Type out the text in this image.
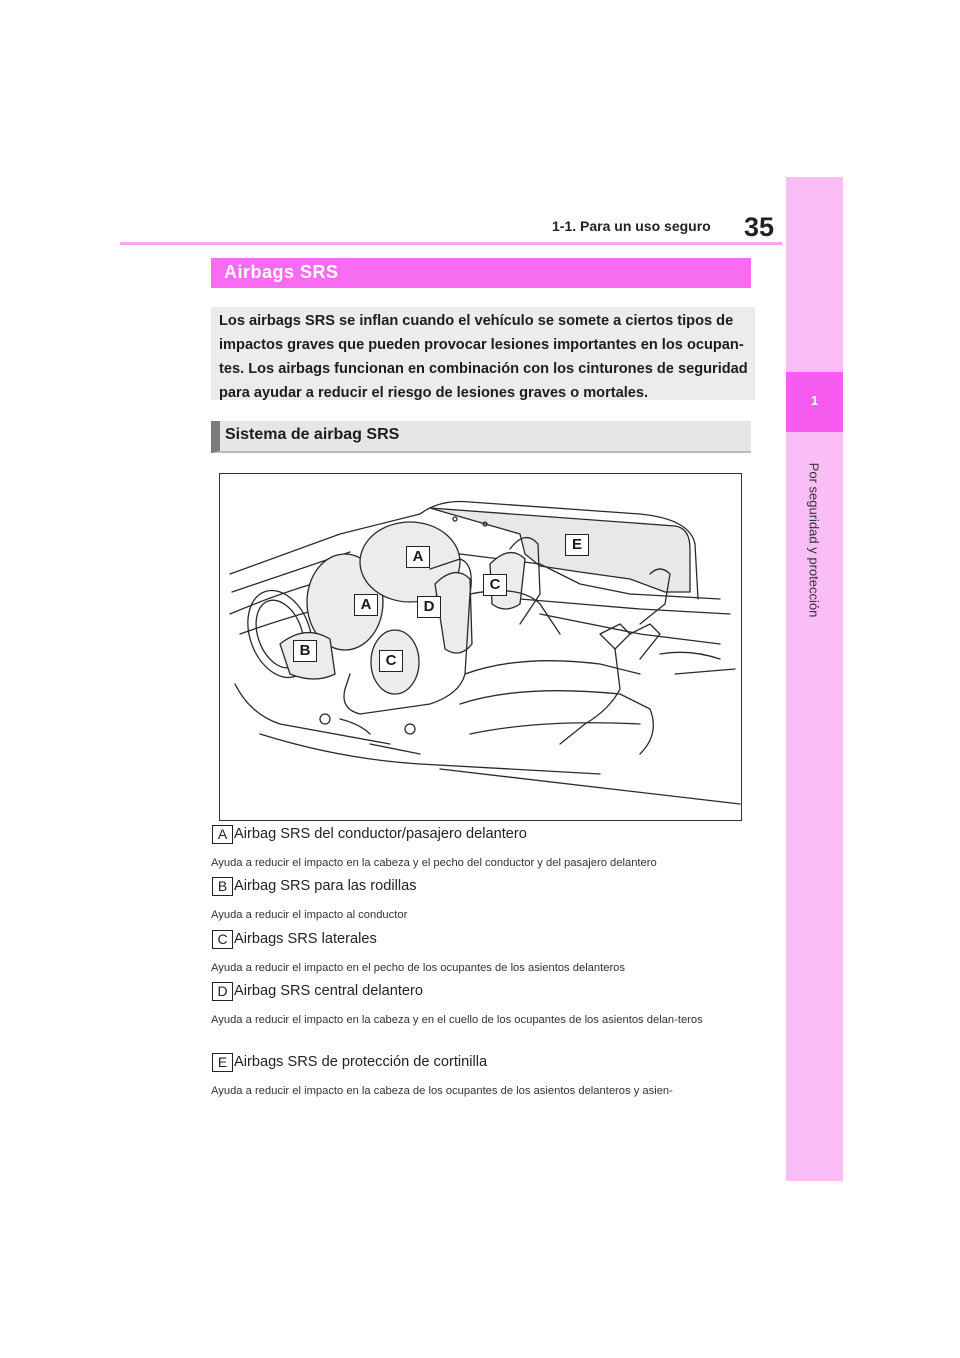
1-1. Para un uso seguro 35
1
Por seguridad y protección
Airbags SRS
Los airbags SRS se inflan cuando el vehículo se somete a ciertos tipos de impactos graves que pueden provocar lesiones importantes en los ocupan-tes. Los airbags funcionan en combinación con los cinturones de seguridad para ayudar a reducir el riesgo de lesiones graves o mortales.
Sistema de airbag SRS
A
A
B
C
C
D
E
A Airbag SRS del conductor/pasajero delantero
Ayuda a reducir el impacto en la cabeza y el pecho del conductor y del pasajero delantero
B Airbag SRS para las rodillas
Ayuda a reducir el impacto al conductor
C Airbags SRS laterales
Ayuda a reducir el impacto en el pecho de los ocupantes de los asientos delanteros
D Airbag SRS central delantero
Ayuda a reducir el impacto en la cabeza y en el cuello de los ocupantes de los asientos delan-teros
E Airbags SRS de protección de cortinilla
Ayuda a reducir el impacto en la cabeza de los ocupantes de los asientos delanteros y asien-
